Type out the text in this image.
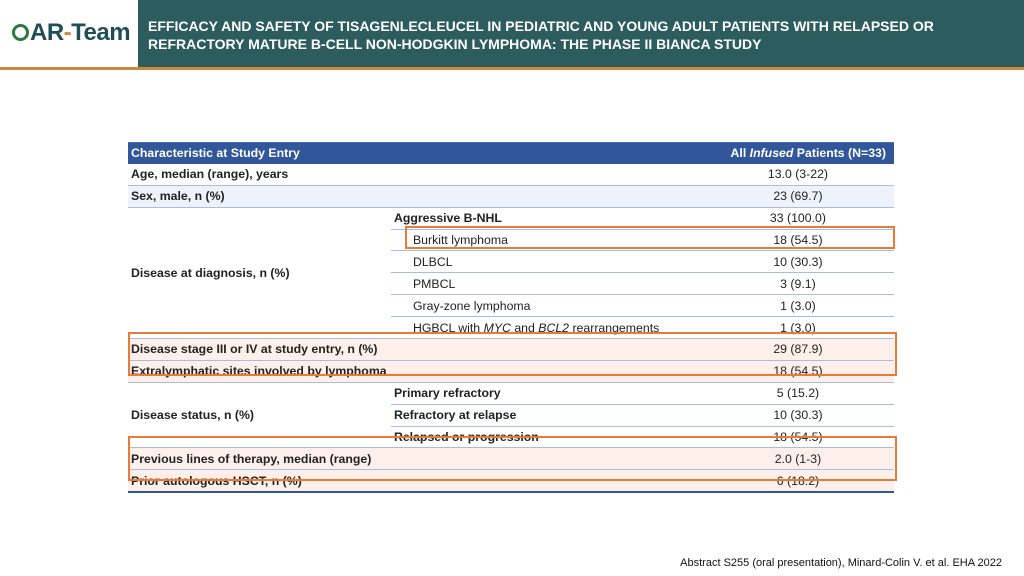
AR-Team EFFICACY AND SAFETY OF TISAGENLECLEUCEL IN PEDIATRIC AND YOUNG ADULT PATIENTS WITH RELAPSED OR REFRACTORY MATURE B-CELL NON-HODGKIN LYMPHOMA: THE PHASE II BIANCA STUDY
Characteristic at Study Entry		All Infused Patients (N=33)
Age, median (range), years		13.0 (3-22)
Sex, male, n (%)		23 (69.7)
Disease at diagnosis, n (%)	Aggressive B-NHL	33 (100.0)
	Burkitt lymphoma	18 (54.5)
	DLBCL	10 (30.3)
	PMBCL	3 (9.1)
	Gray-zone lymphoma	1 (3.0)
	HGBCL with MYC and BCL2 rearrangements	1 (3.0)
Disease stage III or IV at study entry, n (%)		29 (87.9)
Extralymphatic sites involved by lymphoma		18 (54.5)
Disease status, n (%)	Primary refractory	5 (15.2)
	Refractory at relapse	10 (30.3)
	Relapsed or progression	18 (54.5)
Previous lines of therapy, median (range)		2.0 (1-3)
Prior autologous HSCT, n (%)		6 (18.2)
Abstract S255 (oral presentation), Minard-Colin V. et al. EHA 2022
